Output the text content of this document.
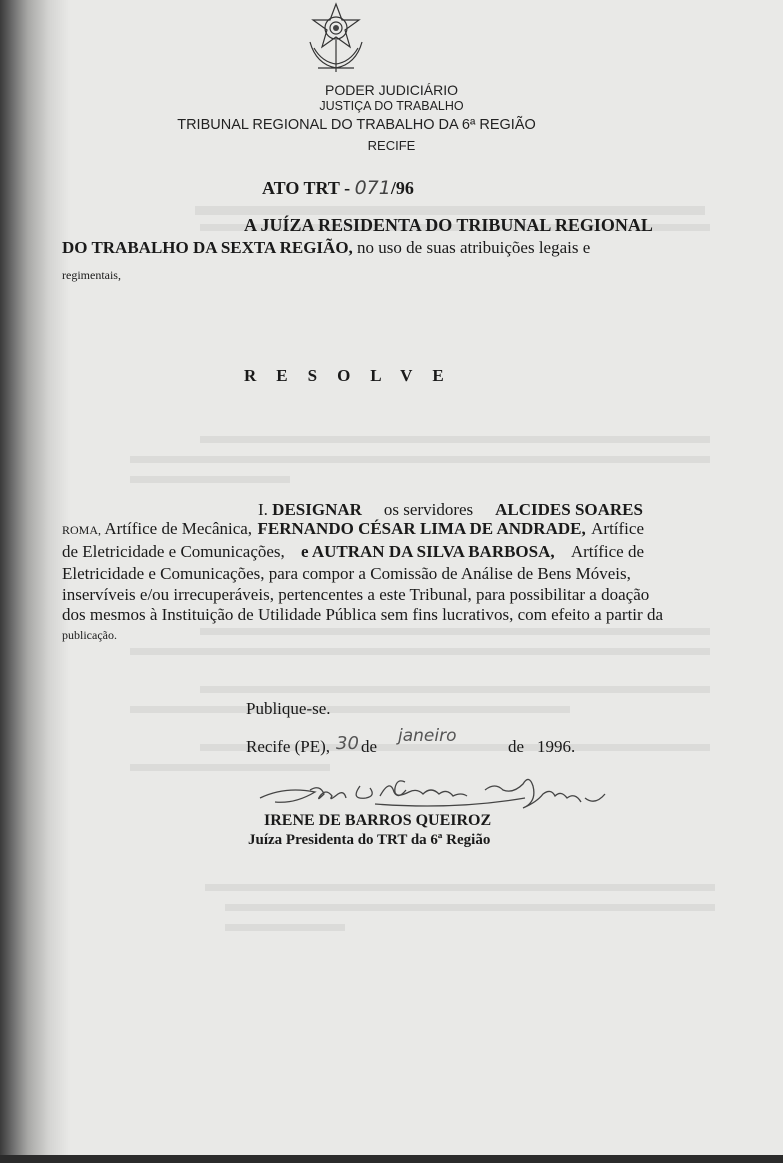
PODER JUDICIÁRIO
JUSTIÇA DO TRABALHO
TRIBUNAL REGIONAL DO TRABALHO DA 6ª REGIÃO
RECIFE
ATO TRT - 071/96
A JUÍZA RESIDENTA DO TRIBUNAL REGIONAL
DO TRABALHO DA SEXTA REGIÃO, no uso de suas atribuições legais e
regimentais,
RESOLVE
I. DESIGNAR os servidores ALCIDES SOARES
ROMA, Artífice de Mecânica, FERNANDO CÉSAR LIMA DE ANDRADE, Artífice
de Eletricidade e Comunicações, e AUTRAN DA SILVA BARBOSA, Artífice de
Eletricidade e Comunicações, para compor a Comissão de Análise de Bens Móveis,
inservíveis e/ou irrecuperáveis, pertencentes a este Tribunal, para possibilitar a doação
dos mesmos à Instituição de Utilidade Pública sem fins lucrativos, com efeito a partir da
publicação.
Publique-se.
Recife (PE), 30 de
janeiro
de 1996.
IRENE DE BARROS QUEIROZ
Juíza Presidenta do TRT da 6ª Região
